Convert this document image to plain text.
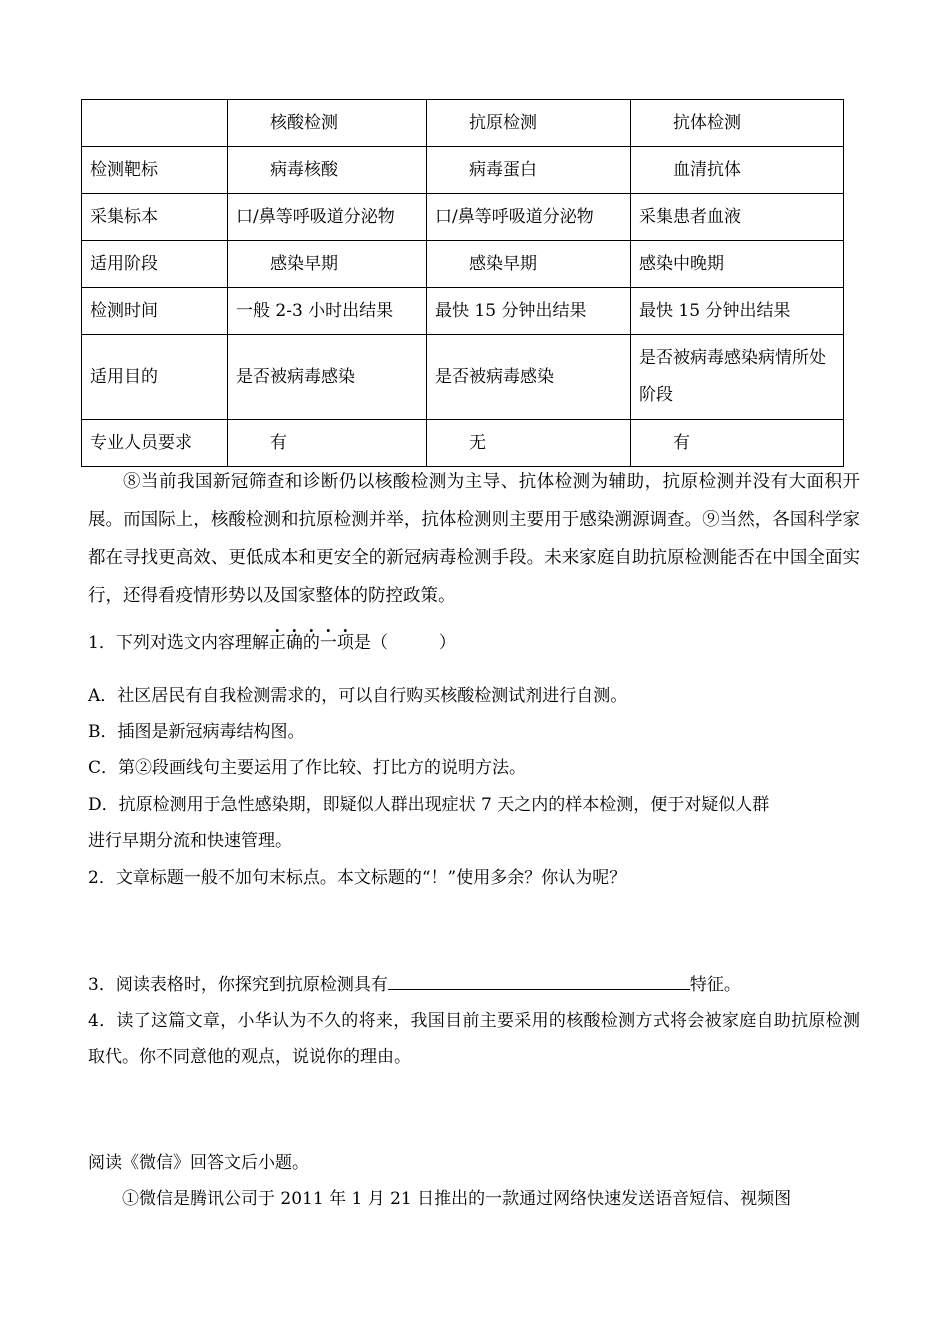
	核酸检测	抗原检测	抗体检测
检测靶标	病毒核酸	病毒蛋白	血清抗体
采集标本	口/鼻等呼吸道分泌物	口/鼻等呼吸道分泌物	采集患者血液
适用阶段	感染早期	感染早期	感染中晚期
检测时间	一般 2-3 小时出结果	最快 15 分钟出结果	最快 15 分钟出结果
适用目的	是否被病毒感染	是否被病毒感染	是否被病毒感染病情所处阶段
专业人员要求	有	无	有
⑧当前我国新冠筛查和诊断仍以核酸检测为主导、抗体检测为辅助，抗原检测并没有大面积开展。而国际上，核酸检测和抗原检测并举，抗体检测则主要用于感染溯源调查。⑨当然，各国科学家都在寻找更高效、更低成本和更安全的新冠病毒检测手段。未来家庭自助抗原检测能否在中国全面实行，还得看疫情形势以及国家整体的防控政策。
1．下列对选文内容理解正确的一项是（　　　）
A．社区居民有自我检测需求的，可以自行购买核酸检测试剂进行自测。
B．插图是新冠病毒结构图。
C．第②段画线句主要运用了作比较、打比方的说明方法。
D．抗原检测用于急性感染期，即疑似人群出现症状 7 天之内的样本检测，便于对疑似人群
进行早期分流和快速管理。
2．文章标题一般不加句末标点。本文标题的“！”使用多余？你认为呢？
3．阅读表格时，你探究到抗原检测具有	特征。
4．读了这篇文章，小华认为不久的将来，我国目前主要采用的核酸检测方式将会被家庭自助抗原检测取代。你不同意他的观点，说说你的理由。
阅读《微信》回答文后小题。
①微信是腾讯公司于 2011 年 1 月 21 日推出的一款通过网络快速发送语音短信、视频图
